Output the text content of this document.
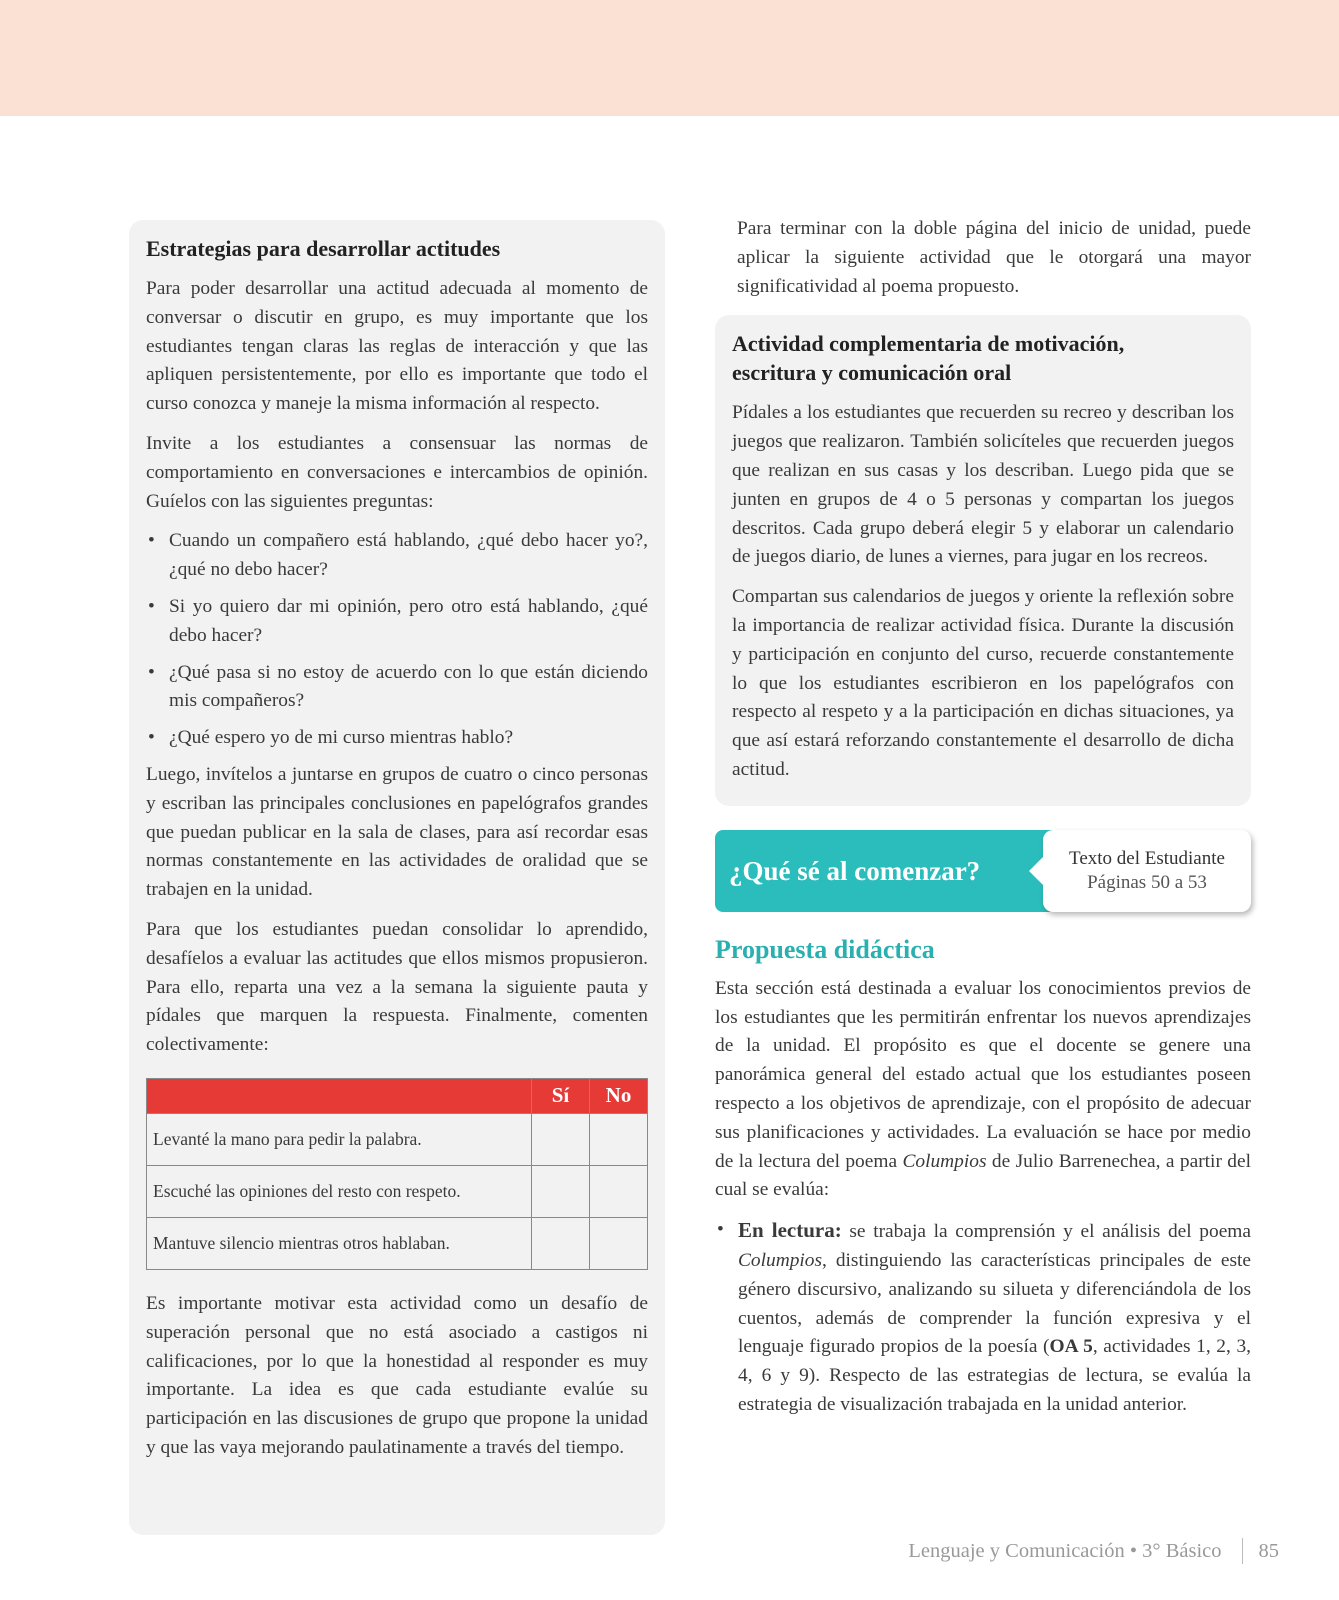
Estrategias para desarrollar actitudes

Para poder desarrollar una actitud adecuada al momento de conversar o discutir en grupo, es muy importante que los estudiantes tengan claras las reglas de interacción y que las apliquen persistentemente, por ello es importante que todo el curso conozca y maneje la misma información al respecto.

Invite a los estudiantes a consensuar las normas de comportamiento en conversaciones e intercambios de opinión. Guíelos con las siguientes preguntas:

• Cuando un compañero está hablando, ¿qué debo hacer yo?, ¿qué no debo hacer?
• Si yo quiero dar mi opinión, pero otro está hablando, ¿qué debo hacer?
• ¿Qué pasa si no estoy de acuerdo con lo que están diciendo mis compañeros?
• ¿Qué espero yo de mi curso mientras hablo?

Luego, invítelos a juntarse en grupos de cuatro o cinco personas y escriban las principales conclusiones en papelógrafos grandes que puedan publicar en la sala de clases, para así recordar esas normas constantemente en las actividades de oralidad que se trabajen en la unidad.

Para que los estudiantes puedan consolidar lo aprendido, desafíelos a evaluar las actitudes que ellos mismos propusieron. Para ello, reparta una vez a la semana la siguiente pauta y pídales que marquen la respuesta. Finalmente, comenten colectivamente:

	Sí	No
Levanté la mano para pedir la palabra.		
Escuché las opiniones del resto con respeto.		
Mantuve silencio mientras otros hablaban.		

Es importante motivar esta actividad como un desafío de superación personal que no está asociado a castigos ni calificaciones, por lo que la honestidad al responder es muy importante. La idea es que cada estudiante evalúe su participación en las discusiones de grupo que propone la unidad y que las vaya mejorando paulatinamente a través del tiempo.

Para terminar con la doble página del inicio de unidad, puede aplicar la siguiente actividad que le otorgará una mayor significatividad al poema propuesto.

Actividad complementaria de motivación,
escritura y comunicación oral

Pídales a los estudiantes que recuerden su recreo y describan los juegos que realizaron. También solicíteles que recuerden juegos que realizan en sus casas y los describan. Luego pida que se junten en grupos de 4 o 5 personas y compartan los juegos descritos. Cada grupo deberá elegir 5 y elaborar un calendario de juegos diario, de lunes a viernes, para jugar en los recreos.

Compartan sus calendarios de juegos y oriente la reflexión sobre la importancia de realizar actividad física. Durante la discusión y participación en conjunto del curso, recuerde constantemente lo que los estudiantes escribieron en los papelógrafos con respecto al respeto y a la participación en dichas situaciones, ya que así estará reforzando constantemente el desarrollo de dicha actitud.

¿Qué sé al comenzar?	Texto del Estudiante
Páginas 50 a 53
Propuesta didáctica

Esta sección está destinada a evaluar los conocimientos previos de los estudiantes que les permitirán enfrentar los nuevos aprendizajes de la unidad. El propósito es que el docente se genere una panorámica general del estado actual que los estudiantes poseen respecto a los objetivos de aprendizaje, con el propósito de adecuar sus planificaciones y actividades. La evaluación se hace por medio de la lectura del poema Columpios de Julio Barrenechea, a partir del cual se evalúa:

• En lectura: se trabaja la comprensión y el análisis del poema Columpios, distinguiendo las características principales de este género discursivo, analizando su silueta y diferenciándola de los cuentos, además de comprender la función expresiva y el lenguaje figurado propios de la poesía (OA 5, actividades 1, 2, 3, 4, 6 y 9). Respecto de las estrategias de lectura, se evalúa la estrategia de visualización trabajada en la unidad anterior.
Lenguaje y Comunicación • 3° Básico 85
